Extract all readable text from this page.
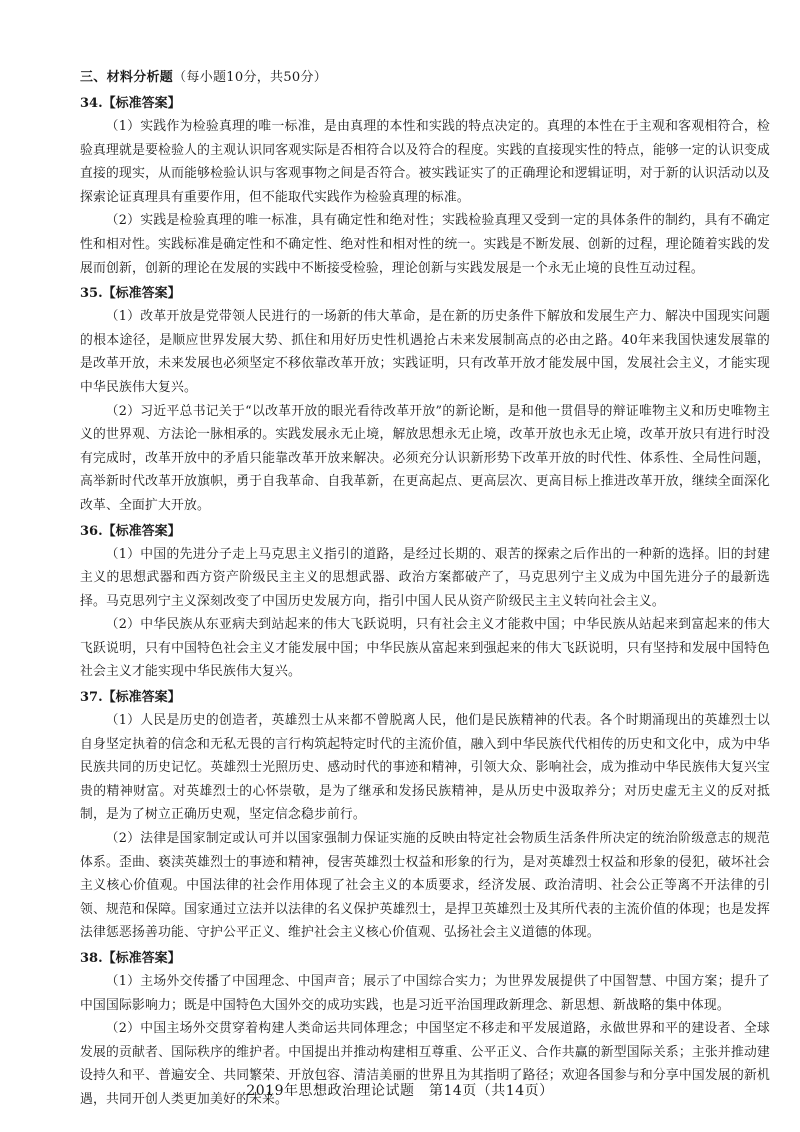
三、材料分析题（每小题10分，共50分）
34.【标准答案】

（1）实践作为检验真理的唯一标准，是由真理的本性和实践的特点决定的。真理的本性在于主观和客观相符合，检验真理就是要检验人的主观认识同客观实际是否相符合以及符合的程度。实践的直接现实性的特点，能够一定的认识变成直接的现实，从而能够检验认识与客观事物之间是否符合。被实践证实了的正确理论和逻辑证明，对于新的认识活动以及探索论证真理具有重要作用，但不能取代实践作为检验真理的标准。

（2）实践是检验真理的唯一标准，具有确定性和绝对性；实践检验真理又受到一定的具体条件的制约，具有不确定性和相对性。实践标准是确定性和不确定性、绝对性和相对性的统一。实践是不断发展、创新的过程，理论随着实践的发展而创新，创新的理论在发展的实践中不断接受检验，理论创新与实践发展是一个永无止境的良性互动过程。

35.【标准答案】

（1）改革开放是党带领人民进行的一场新的伟大革命，是在新的历史条件下解放和发展生产力、解决中国现实问题的根本途径，是顺应世界发展大势、抓住和用好历史性机遇抢占未来发展制高点的必由之路。40年来我国快速发展靠的是改革开放，未来发展也必须坚定不移依靠改革开放；实践证明，只有改革开放才能发展中国，发展社会主义，才能实现中华民族伟大复兴。

（2）习近平总书记关于“以改革开放的眼光看待改革开放”的新论断，是和他一贯倡导的辩证唯物主义和历史唯物主义的世界观、方法论一脉相承的。实践发展永无止境，解放思想永无止境，改革开放也永无止境，改革开放只有进行时没有完成时，改革开放中的矛盾只能靠改革开放来解决。必须充分认识新形势下改革开放的时代性、体系性、全局性问题，高举新时代改革开放旗帜，勇于自我革命、自我革新，在更高起点、更高层次、更高目标上推进改革开放，继续全面深化改革、全面扩大开放。

36.【标准答案】

（1）中国的先进分子走上马克思主义指引的道路，是经过长期的、艰苦的探索之后作出的一种新的选择。旧的封建主义的思想武器和西方资产阶级民主主义的思想武器、政治方案都破产了，马克思列宁主义成为中国先进分子的最新选择。马克思列宁主义深刻改变了中国历史发展方向，指引中国人民从资产阶级民主主义转向社会主义。

（2）中华民族从东亚病夫到站起来的伟大飞跃说明，只有社会主义才能救中国；中华民族从站起来到富起来的伟大飞跃说明，只有中国特色社会主义才能发展中国；中华民族从富起来到强起来的伟大飞跃说明，只有坚持和发展中国特色社会主义才能实现中华民族伟大复兴。

37.【标准答案】

（1）人民是历史的创造者，英雄烈士从来都不曾脱离人民，他们是民族精神的代表。各个时期涌现出的英雄烈士以自身坚定执着的信念和无私无畏的言行构筑起特定时代的主流价值，融入到中华民族代代相传的历史和文化中，成为中华民族共同的历史记忆。英雄烈士光照历史、感动时代的事迹和精神，引领大众、影响社会，成为推动中华民族伟大复兴宝贵的精神财富。对英雄烈士的心怀崇敬，是为了继承和发扬民族精神，是从历史中汲取养分；对历史虚无主义的反对抵制，是为了树立正确历史观，坚定信念稳步前行。

（2）法律是国家制定或认可并以国家强制力保证实施的反映由特定社会物质生活条件所决定的统治阶级意志的规范体系。歪曲、亵渎英雄烈士的事迹和精神，侵害英雄烈士权益和形象的行为，是对英雄烈士权益和形象的侵犯，破坏社会主义核心价值观。中国法律的社会作用体现了社会主义的本质要求，经济发展、政治清明、社会公正等离不开法律的引领、规范和保障。国家通过立法并以法律的名义保护英雄烈士，是捍卫英雄烈士及其所代表的主流价值的体现；也是发挥法律惩恶扬善功能、守护公平正义、维护社会主义核心价值观、弘扬社会主义道德的体现。

38.【标准答案】

（1）主场外交传播了中国理念、中国声音；展示了中国综合实力；为世界发展提供了中国智慧、中国方案；提升了中国国际影响力；既是中国特色大国外交的成功实践，也是习近平治国理政新理念、新思想、新战略的集中体现。

（2）中国主场外交贯穿着构建人类命运共同体理念；中国坚定不移走和平发展道路，永做世界和平的建设者、全球发展的贡献者、国际秩序的维护者。中国提出并推动构建相互尊重、公平正义、合作共赢的新型国际关系；主张并推动建设持久和平、普遍安全、共同繁荣、开放包容、清洁美丽的世界且为其指明了路径；欢迎各国参与和分享中国发展的新机遇，共同开创人类更加美好的未来。

2019年思想政治理论试题　第14页（共14页）
